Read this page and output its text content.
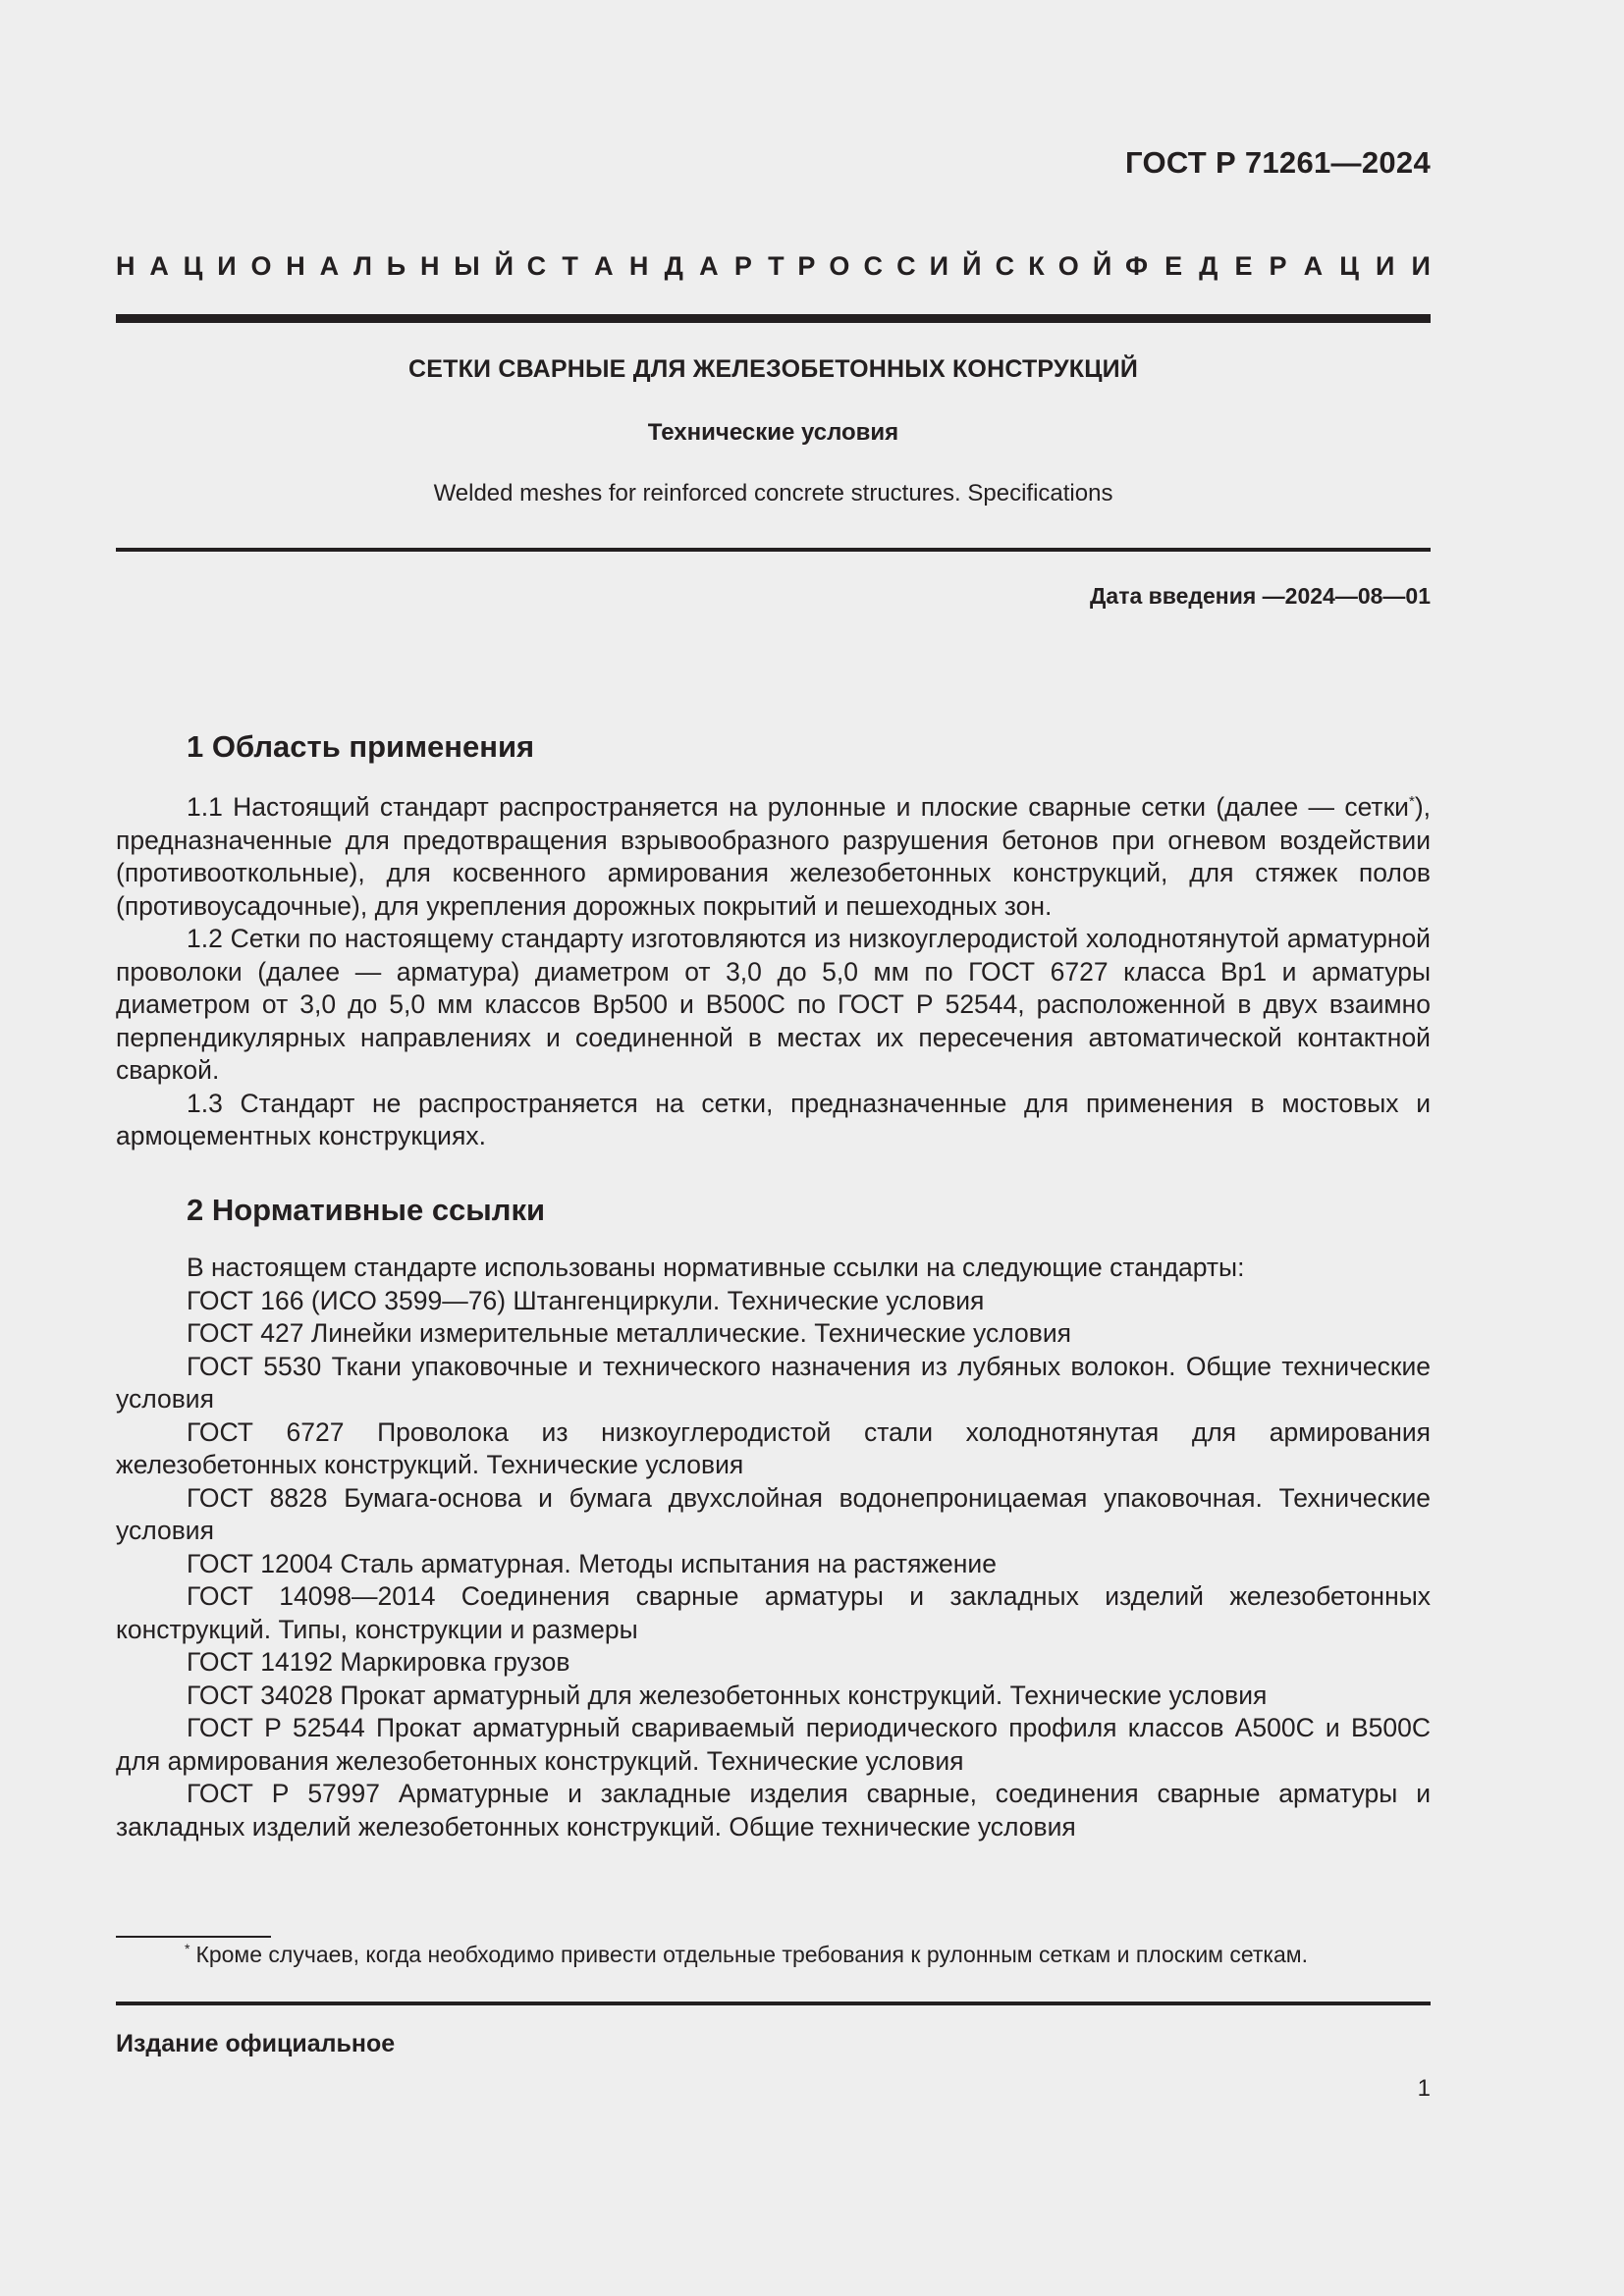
ГОСТ Р 71261—2024
Н А Ц И О Н А Л Ь Н Ы Й С Т А Н Д А Р Т Р О С С И Й С К О Й Ф Е Д Е Р А Ц И И
СЕТКИ СВАРНЫЕ ДЛЯ ЖЕЛЕЗОБЕТОННЫХ КОНСТРУКЦИЙ
Технические условия
Welded meshes for reinforced concrete structures. Specifications
Дата введения —2024—08—01
1 Область применения

1.1 Настоящий стандарт распространяется на рулонные и плоские сварные сетки (далее — сетки*), предназначенные для предотвращения взрывообразного разрушения бетонов при огневом воздействии (противооткольные), для косвенного армирования железобетонных конструкций, для стяжек полов (противоусадочные), для укрепления дорожных покрытий и пешеходных зон.

1.2 Сетки по настоящему стандарту изготовляются из низкоуглеродистой холоднотянутой арматурной проволоки (далее — арматура) диаметром от 3,0 до 5,0 мм по ГОСТ 6727 класса Вр1 и арматуры диаметром от 3,0 до 5,0 мм классов Вр500 и В500С по ГОСТ Р 52544, расположенной в двух взаимно перпендикулярных направлениях и соединенной в местах их пересечения автоматической контактной сваркой.

1.3 Стандарт не распространяется на сетки, предназначенные для применения в мостовых и армоцементных конструкциях.

2 Нормативные ссылки

В настоящем стандарте использованы нормативные ссылки на следующие стандарты:

ГОСТ 166 (ИСО 3599—76) Штангенциркули. Технические условия

ГОСТ 427 Линейки измерительные металлические. Технические условия

ГОСТ 5530 Ткани упаковочные и технического назначения из лубяных волокон. Общие технические условия

ГОСТ 6727 Проволока из низкоуглеродистой стали холоднотянутая для армирования железобетонных конструкций. Технические условия

ГОСТ 8828 Бумага-основа и бумага двухслойная водонепроницаемая упаковочная. Технические условия

ГОСТ 12004 Сталь арматурная. Методы испытания на растяжение

ГОСТ 14098—2014 Соединения сварные арматуры и закладных изделий железобетонных конструкций. Типы, конструкции и размеры

ГОСТ 14192 Маркировка грузов

ГОСТ 34028 Прокат арматурный для железобетонных конструкций. Технические условия

ГОСТ Р 52544 Прокат арматурный свариваемый периодического профиля классов А500С и В500С для армирования железобетонных конструкций. Технические условия

ГОСТ Р 57997 Арматурные и закладные изделия сварные, соединения сварные арматуры и закладных изделий железобетонных конструкций. Общие технические условия

* Кроме случаев, когда необходимо привести отдельные требования к рулонным сеткам и плоским сеткам.
Издание официальное
1
